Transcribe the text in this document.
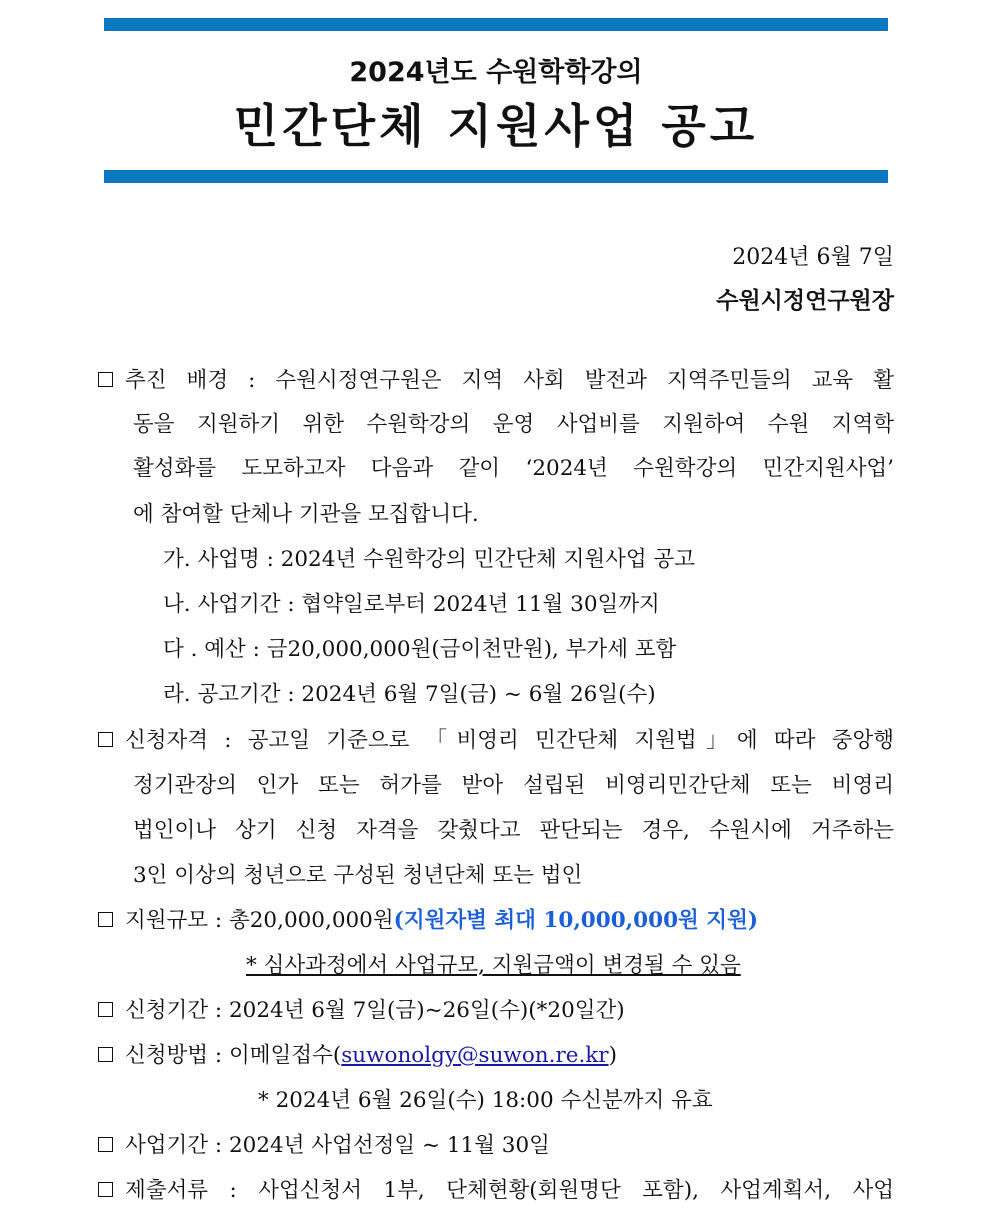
2024년도 수원학학강의
민간단체 지원사업 공고
2024년 6월 7일
수원시정연구원장
추진 배경 : 수원시정연구원은 지역 사회 발전과 지역주민들의 교육 활
동을 지원하기 위한 수원학강의 운영 사업비를 지원하여 수원 지역학
활성화를 도모하고자 다음과 같이 ‘2024년 수원학강의 민간지원사업’
에 참여할 단체나 기관을 모집합니다.
가. 사업명 : 2024년 수원학강의 민간단체 지원사업 공고
나. 사업기간 : 협약일로부터 2024년 11월 30일까지
다 . 예산 : 금20,000,000원(금이천만원), 부가세 포함
라. 공고기간 : 2024년 6월 7일(금) ~ 6월 26일(수)
신청자격 : 공고일 기준으로 「비영리 민간단체 지원법」에 따라 중앙행
정기관장의 인가 또는 허가를 받아 설립된 비영리민간단체 또는 비영리
법인이나 상기 신청 자격을 갖췄다고 판단되는 경우, 수원시에 거주하는
3인 이상의 청년으로 구성된 청년단체 또는 법인
지원규모 : 총20,000,000원(지원자별 최대 10,000,000원 지원)
* 심사과정에서 사업규모, 지원금액이 변경될 수 있음
신청기간 : 2024년 6월 7일(금)~26일(수)(*20일간)
신청방법 : 이메일접수(suwonolgy@suwon.re.kr)
* 2024년 6월 26일(수) 18:00 수신분까지 유효
사업기간 : 2024년 사업선정일 ~ 11월 30일
제출서류 : 사업신청서 1부, 단체현황(회원명단 포함), 사업계획서, 사업
